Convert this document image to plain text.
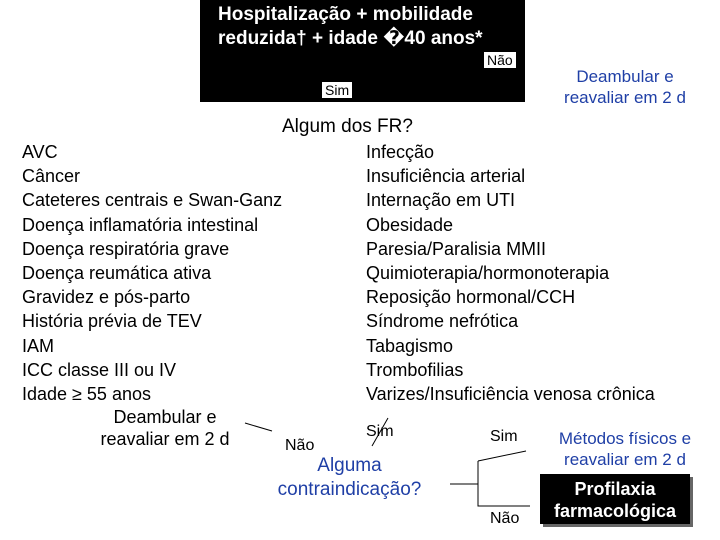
Hospitalização + mobilidade
reduzida† + idade �40 anos*
Não
Sim
Deambular e
reavaliar em 2 d
Algum dos FR?
AVC
Câncer
Cateteres centrais e Swan-Ganz
Doença inflamatória intestinal
Doença respiratória grave
Doença reumática ativa
Gravidez e pós-parto
História prévia de TEV
IAM
ICC classe III ou IV
Idade ≥ 55 anos
Infecção
Insuficiência arterial
Internação em UTI
Obesidade
Paresia/Paralisia MMII
Quimioterapia/hormonoterapia
Reposição hormonal/CCH
Síndrome nefrótica
Tabagismo
Trombofilias
Varizes/Insuficiência venosa crônica
Deambular e
reavaliar em 2 d	Não
Sim
Alguma
contraindicação?
Sim
Não
Métodos físicos e
reavaliar em 2 d
Profilaxia
farmacológica
